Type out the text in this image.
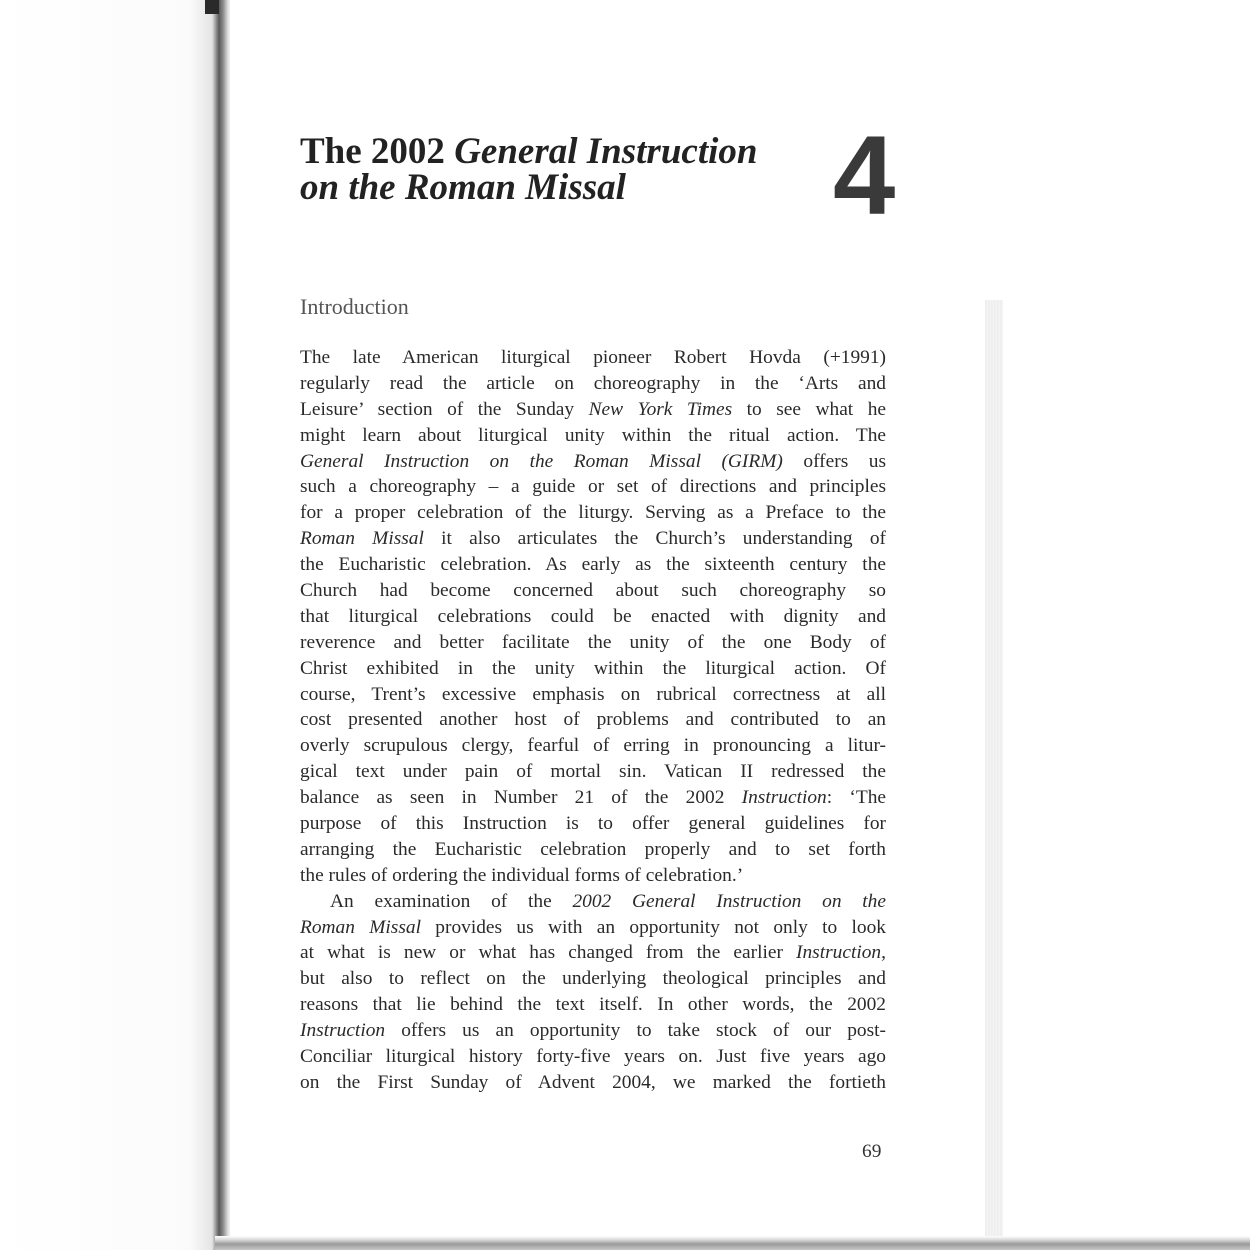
The 2002 General Instruction
on the Roman Missal	4
Introduction
The late American liturgical pioneer Robert Hovda (+1991)
regularly read the article on choreography in the ‘Arts and
Leisure’ section of the Sunday New York Times to see what he
might learn about liturgical unity within the ritual action. The
General Instruction on the Roman Missal (GIRM) offers us
such a choreography – a guide or set of directions and principles
for a proper celebration of the liturgy. Serving as a Preface to the
Roman Missal it also articulates the Church’s understanding of
the Eucharistic celebration. As early as the sixteenth century the
Church had become concerned about such choreography so
that liturgical celebrations could be enacted with dignity and
reverence and better facilitate the unity of the one Body of
Christ exhibited in the unity within the liturgical action. Of
course, Trent’s excessive emphasis on rubrical correctness at all
cost presented another host of problems and contributed to an
overly scrupulous clergy, fearful of erring in pronouncing a litur-
gical text under pain of mortal sin. Vatican II redressed the
balance as seen in Number 21 of the 2002 Instruction: ‘The
purpose of this Instruction is to offer general guidelines for
arranging the Eucharistic celebration properly and to set forth
the rules of ordering the individual forms of celebration.’
An examination of the 2002 General Instruction on the
Roman Missal provides us with an opportunity not only to look
at what is new or what has changed from the earlier Instruction,
but also to reflect on the underlying theological principles and
reasons that lie behind the text itself. In other words, the 2002
Instruction offers us an opportunity to take stock of our post-
Conciliar liturgical history forty-five years on. Just five years ago
on the First Sunday of Advent 2004, we marked the fortieth
69
